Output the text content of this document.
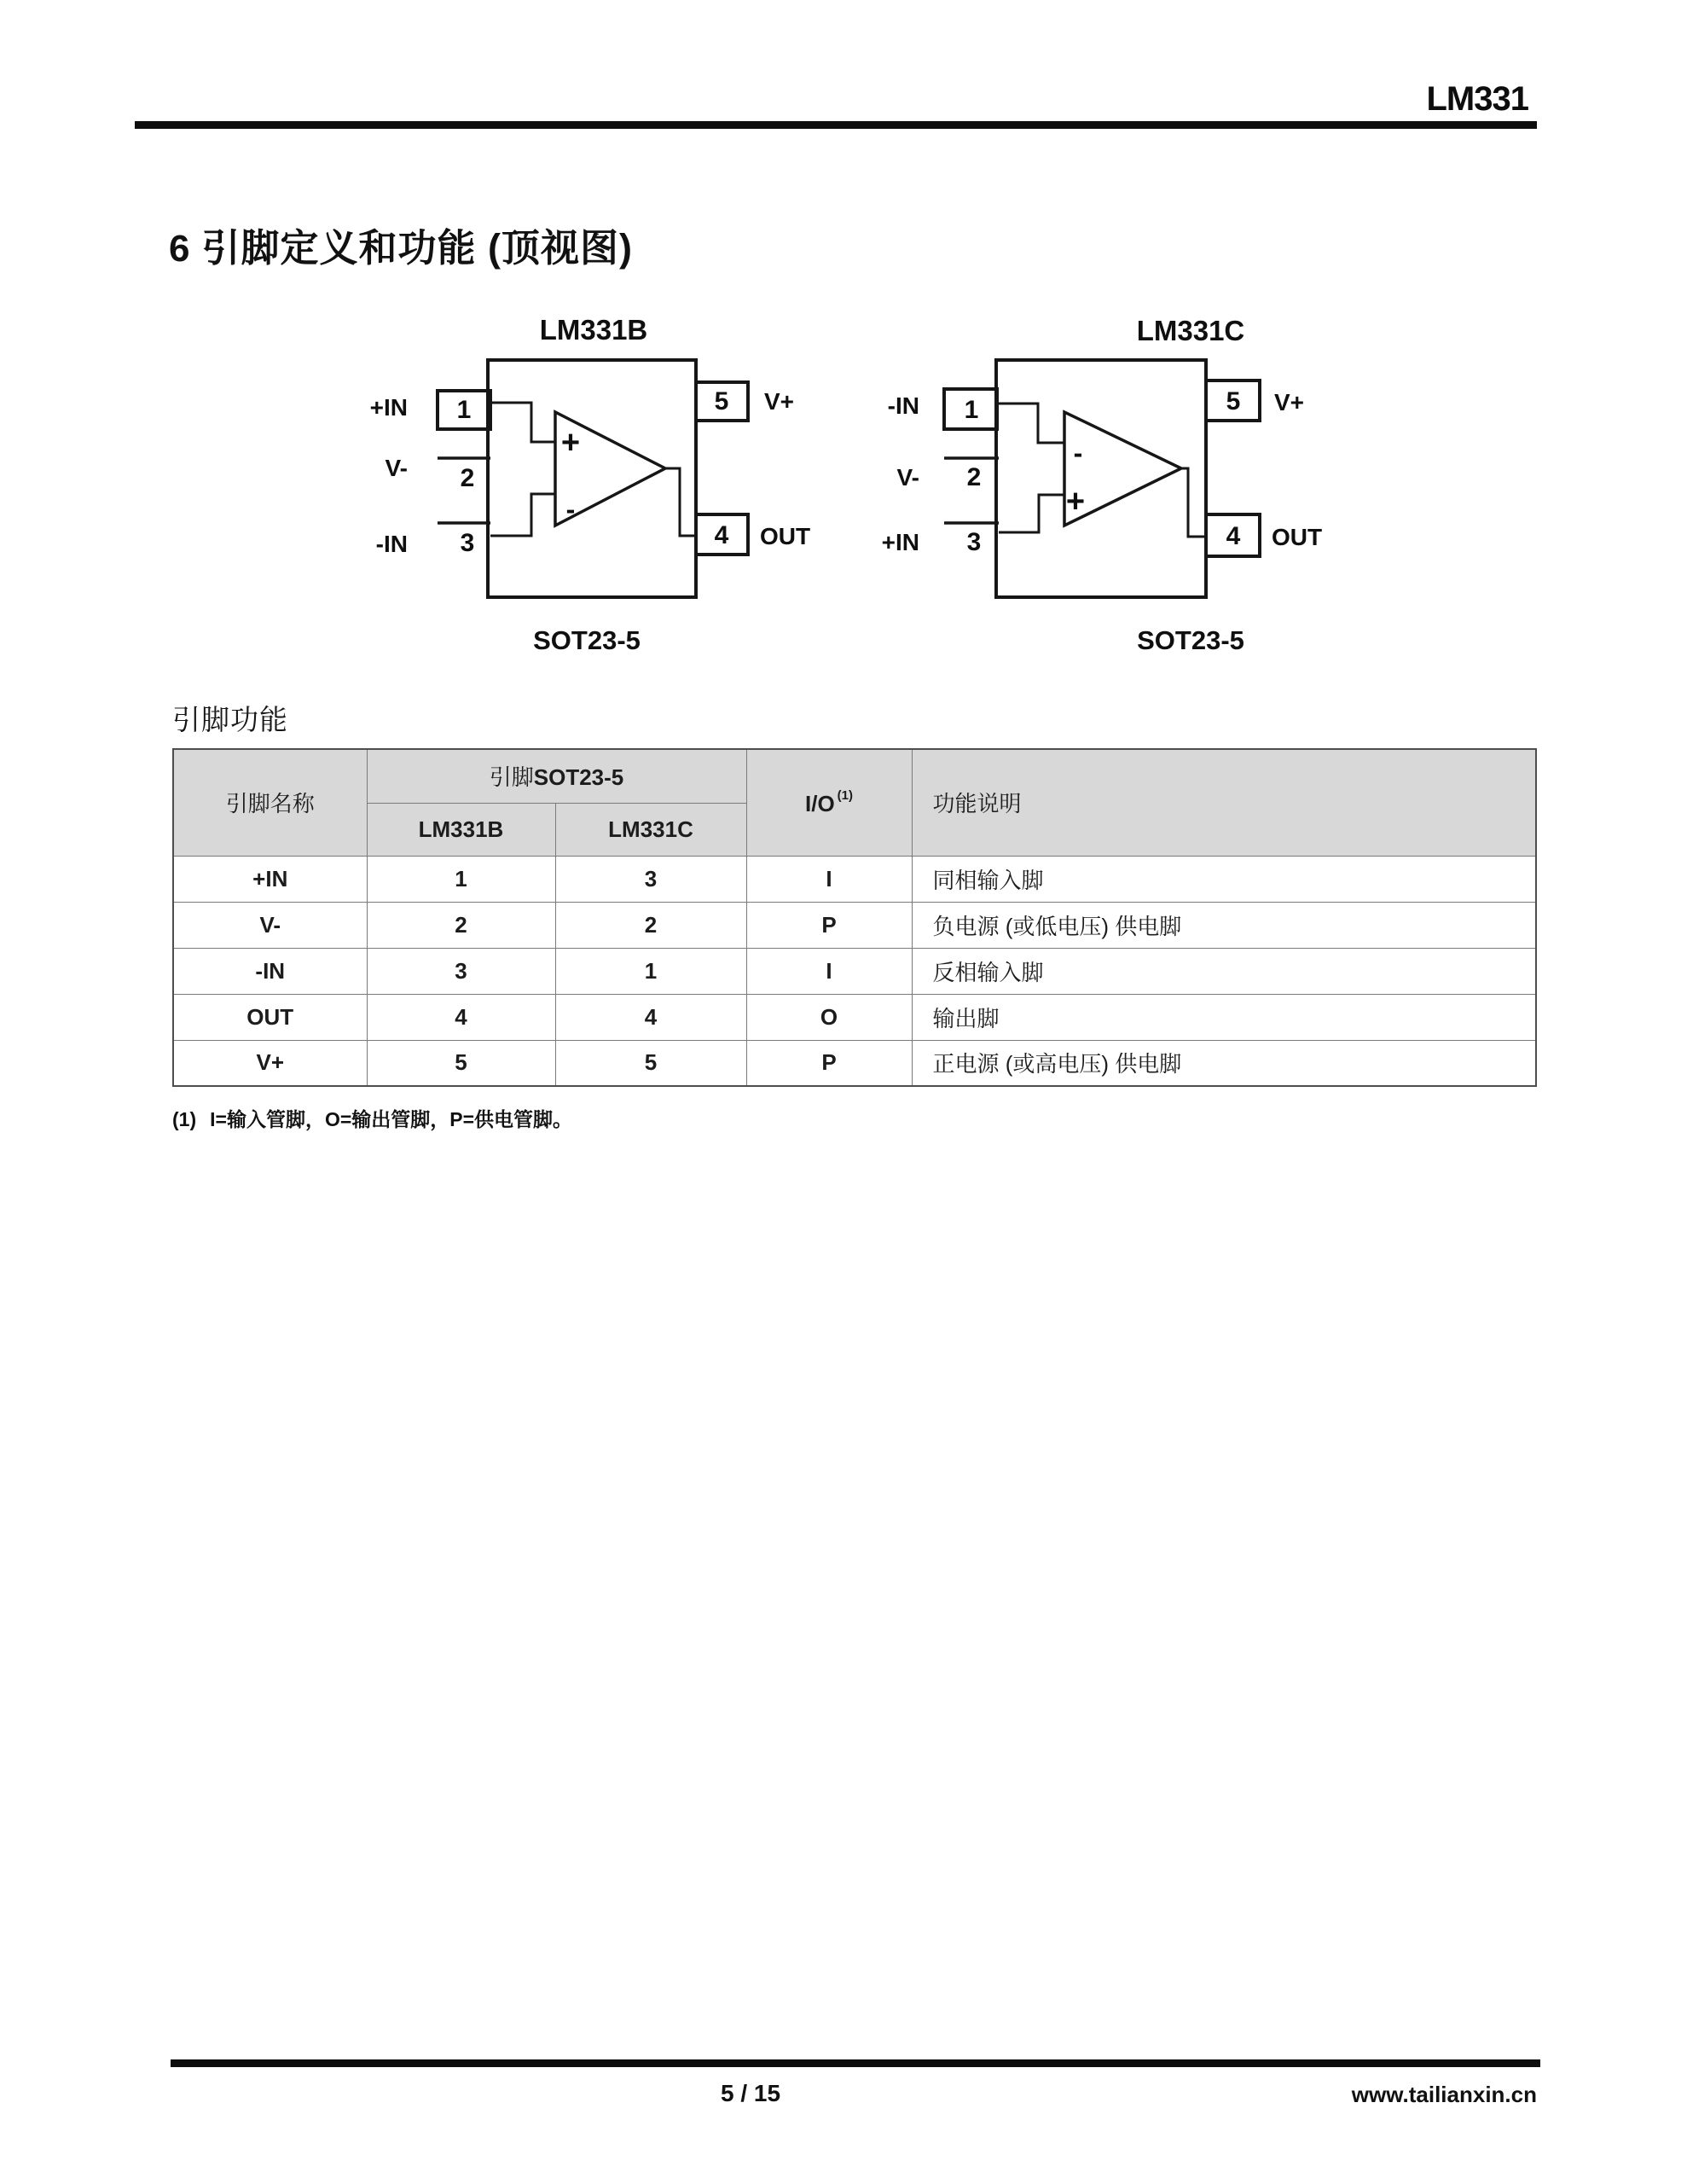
LM331
6 引脚定义和功能 (顶视图)
LM331B
+
-
1
+IN
2
V-
3
-IN
5 V+
4 OUT
SOT23-5
LM331C
-
+
1
-IN
2
V-
3
+IN
5 V+
4 OUT
SOT23-5
引脚功能
引脚名称	引脚SOT23-5		I/O $^{(1)}$	功能说明
	LM331B	LM331C		
+IN	1	3	I	同相输入脚
V-	2	2	P	负电源 (或低电压) 供电脚
-IN	3	1	I	反相输入脚
OUT	4	4	O	输出脚
V+	5	5	P	正电源 (或高电压) 供电脚
(1) I=输入管脚，O=输出管脚，P=供电管脚。
5 / 15	www.tailianxin.cn
